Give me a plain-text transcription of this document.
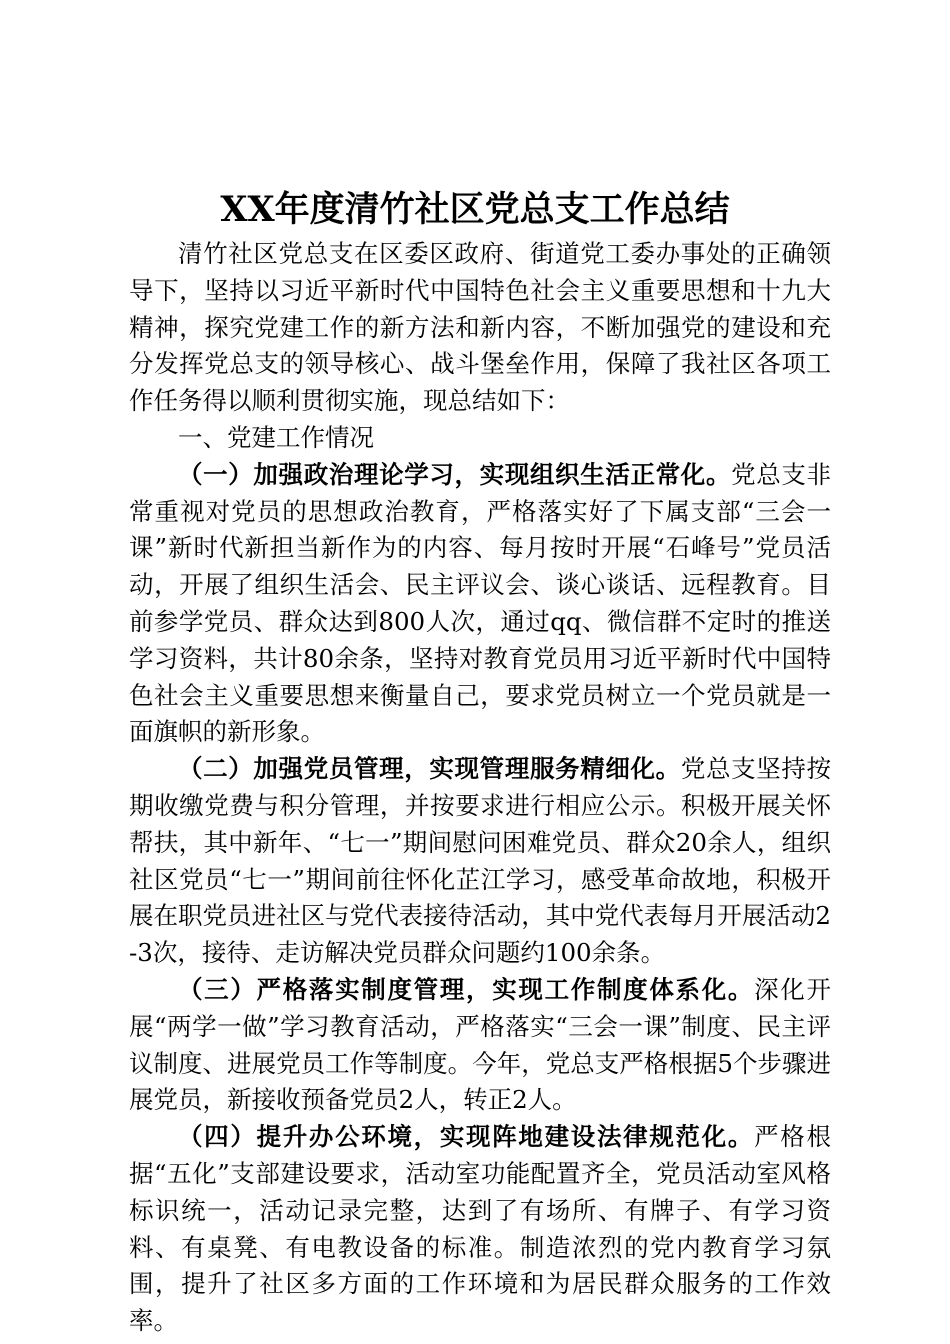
XX年度清竹社区党总支工作总结

清竹社区党总支在区委区政府、街道党工委办事处的正确领导下，坚持以习近平新时代中国特色社会主义重要思想和十九大精神，探究党建工作的新方法和新内容，不断加强党的建设和充分发挥党总支的领导核心、战斗堡垒作用，保障了我社区各项工作任务得以顺利贯彻实施，现总结如下：

一、党建工作情况

（一）加强政治理论学习，实现组织生活正常化。党总支非常重视对党员的思想政治教育，严格落实好了下属支部“三会一课”新时代新担当新作为的内容、每月按时开展“石峰号”党员活动，开展了组织生活会、民主评议会、谈心谈话、远程教育。目前参学党员、群众达到800人次，通过qq、微信群不定时的推送学习资料，共计80余条，坚持对教育党员用习近平新时代中国特色社会主义重要思想来衡量自己，要求党员树立一个党员就是一面旗帜的新形象。

（二）加强党员管理，实现管理服务精细化。党总支坚持按期收缴党费与积分管理，并按要求进行相应公示。积极开展关怀帮扶，其中新年、“七一”期间慰问困难党员、群众20余人，组织社区党员“七一”期间前往怀化芷江学习，感受革命故地，积极开展在职党员进社区与党代表接待活动，其中党代表每月开展活动2-3次，接待、走访解决党员群众问题约100余条。

（三）严格落实制度管理，实现工作制度体系化。深化开展“两学一做”学习教育活动，严格落实“三会一课”制度、民主评议制度、进展党员工作等制度。今年，党总支严格根据5个步骤进展党员，新接收预备党员2人，转正2人。

（四）提升办公环境，实现阵地建设法律规范化。严格根据“五化”支部建设要求，活动室功能配置齐全，党员活动室风格标识统一，活动记录完整，达到了有场所、有牌子、有学习资料、有桌凳、有电教设备的标准。制造浓烈的党内教育学习氛围，提升了社区多方面的工作环境和为居民群众服务的工作效率。
